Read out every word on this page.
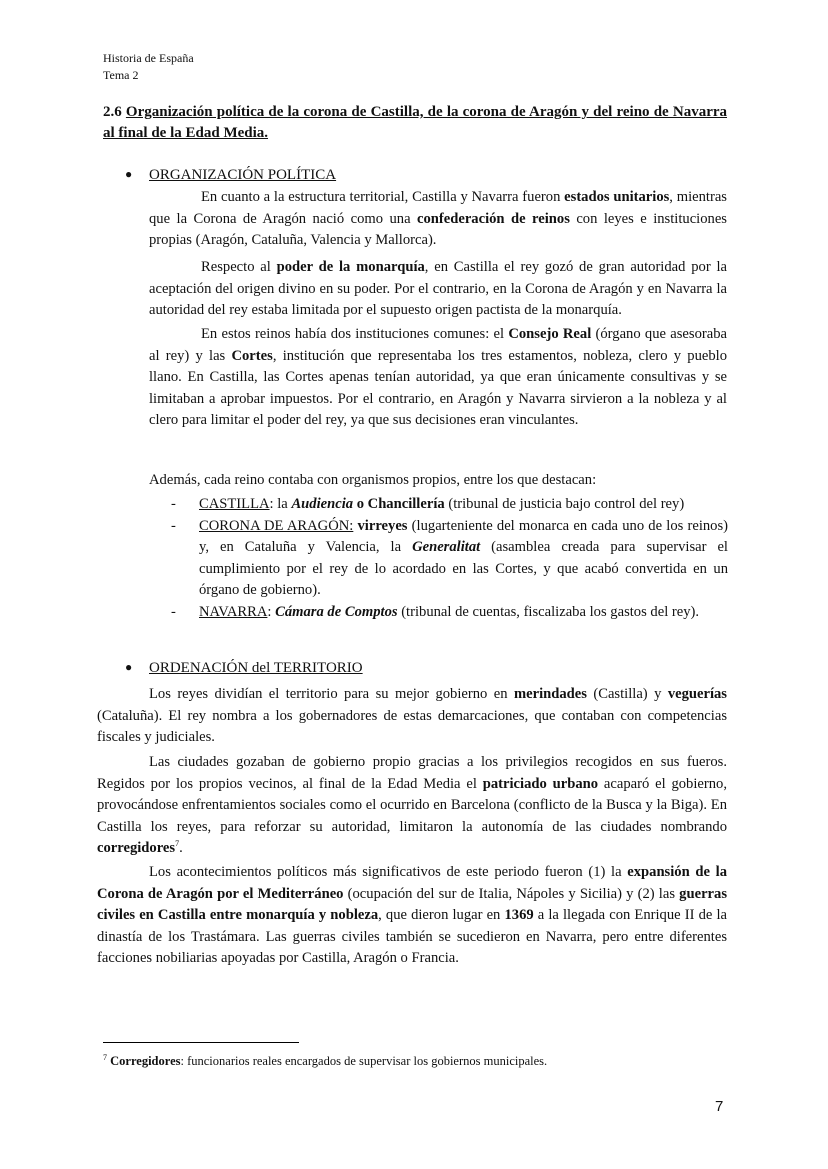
Historia de España
Tema 2
2.6 Organización política de la corona de Castilla, de la corona de Aragón y del reino de Navarra al final de la Edad Media.
● ORGANIZACIÓN POLÍTICA
En cuanto a la estructura territorial, Castilla y Navarra fueron estados unitarios, mientras que la Corona de Aragón nació como una confederación de reinos con leyes e instituciones propias (Aragón, Cataluña, Valencia y Mallorca).
Respecto al poder de la monarquía, en Castilla el rey gozó de gran autoridad por la aceptación del origen divino en su poder. Por el contrario, en la Corona de Aragón y en Navarra la autoridad del rey estaba limitada por el supuesto origen pactista de la monarquía.
En estos reinos había dos instituciones comunes: el Consejo Real (órgano que asesoraba al rey) y las Cortes, institución que representaba los tres estamentos, nobleza, clero y pueblo llano. En Castilla, las Cortes apenas tenían autoridad, ya que eran únicamente consultivas y se limitaban a aprobar impuestos. Por el contrario, en Aragón y Navarra sirvieron a la nobleza y al clero para limitar el poder del rey, ya que sus decisiones eran vinculantes.
Además, cada reino contaba con organismos propios, entre los que destacan:
- CASTILLA: la Audiencia o Chancillería (tribunal de justicia bajo control del rey)
- CORONA DE ARAGÓN: virreyes (lugarteniente del monarca en cada uno de los reinos) y, en Cataluña y Valencia, la Generalitat (asamblea creada para supervisar el cumplimiento por el rey de lo acordado en las Cortes, y que acabó convertida en un órgano de gobierno).
- NAVARRA: Cámara de Comptos (tribunal de cuentas, fiscalizaba los gastos del rey).
● ORDENACIÓN del TERRITORIO
Los reyes dividían el territorio para su mejor gobierno en merindades (Castilla) y veguerías (Cataluña). El rey nombra a los gobernadores de estas demarcaciones, que contaban con competencias fiscales y judiciales.
Las ciudades gozaban de gobierno propio gracias a los privilegios recogidos en sus fueros. Regidos por los propios vecinos, al final de la Edad Media el patriciado urbano acaparó el gobierno, provocándose enfrentamientos sociales como el ocurrido en Barcelona (conflicto de la Busca y la Biga). En Castilla los reyes, para reforzar su autoridad, limitaron la autonomía de las ciudades nombrando corregidores$^7$.
Los acontecimientos políticos más significativos de este periodo fueron (1) la expansión de la Corona de Aragón por el Mediterráneo (ocupación del sur de Italia, Nápoles y Sicilia) y (2) las guerras civiles en Castilla entre monarquía y nobleza, que dieron lugar en 1369 a la llegada con Enrique II de la dinastía de los Trastámara. Las guerras civiles también se sucedieron en Navarra, pero entre diferentes facciones nobiliarias apoyadas por Castilla, Aragón o Francia.
$^7$ Corregidores: funcionarios reales encargados de supervisar los gobiernos municipales.
7
